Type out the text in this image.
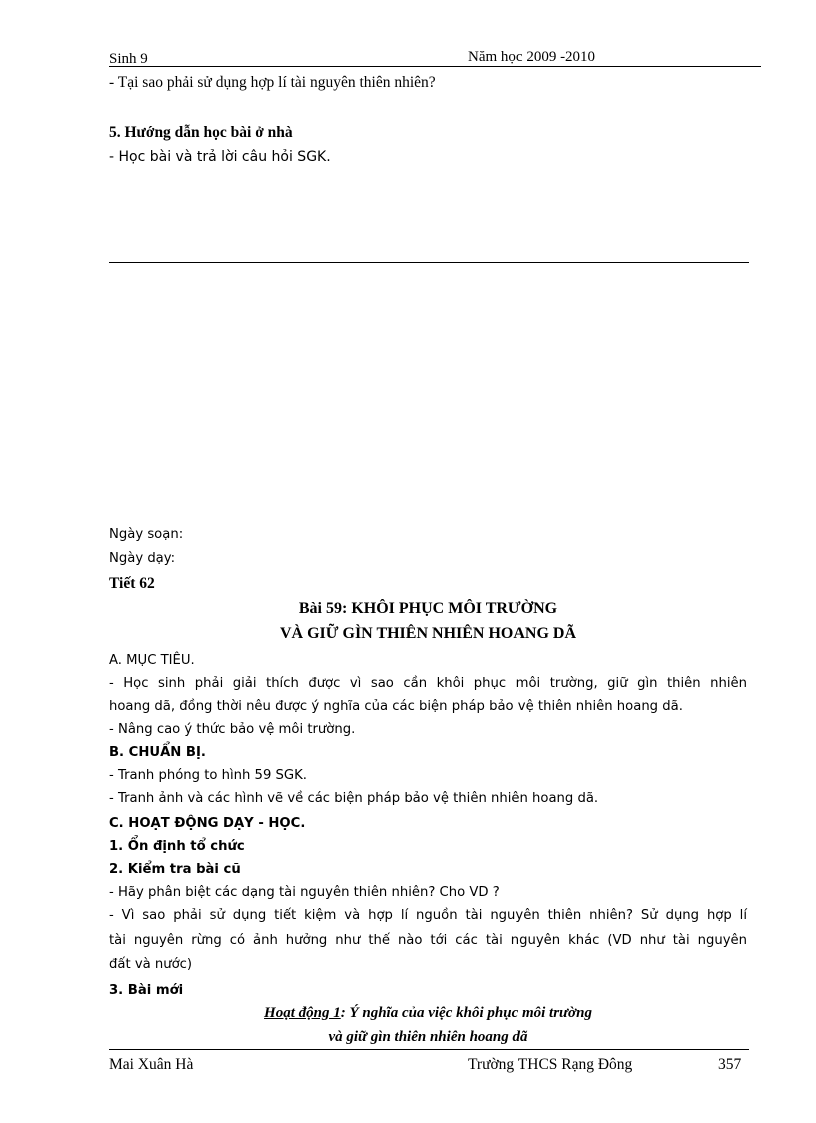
Sinh 9	Năm học 2009 -2010
- Tại sao phải sử dụng hợp lí tài nguyên thiên nhiên?
5. Hướng dẫn học bài ở nhà
- Học bài và trả lời câu hỏi SGK.
Ngày soạn:
Ngày dạy:
Tiết 62
Bài 59: KHÔI PHỤC MÔI TRƯỜNG
VÀ GIỮ GÌN THIÊN NHIÊN HOANG DÃ
A. MỤC TIÊU.
- Học sinh phải giải thích được vì sao cần khôi phục môi trường, giữ gìn thiên nhiên
hoang dã, đồng thời nêu được ý nghĩa của các biện pháp bảo vệ thiên nhiên hoang dã.
- Nâng cao ý thức bảo vệ môi trường.
B. CHUẨN BỊ.
- Tranh phóng to hình 59 SGK.
- Tranh ảnh và các hình vẽ về các biện pháp bảo vệ thiên nhiên hoang dã.
C. HOẠT ĐỘNG DẠY - HỌC.
1. Ổn định tổ chức
2. Kiểm tra bài cũ
- Hãy phân biệt các dạng tài nguyên thiên nhiên? Cho VD ?
- Vì sao phải sử dụng tiết kiệm và hợp lí nguồn tài nguyên thiên nhiên? Sử dụng hợp lí
tài nguyên rừng có ảnh hưởng như thế nào tới các tài nguyên khác (VD như tài nguyên
đất và nước)
3. Bài mới
Hoạt động 1: Ý nghĩa của việc khôi phục môi trường
và giữ gìn thiên nhiên hoang dã
Mai Xuân Hà	Trường THCS Rạng Đông	357
